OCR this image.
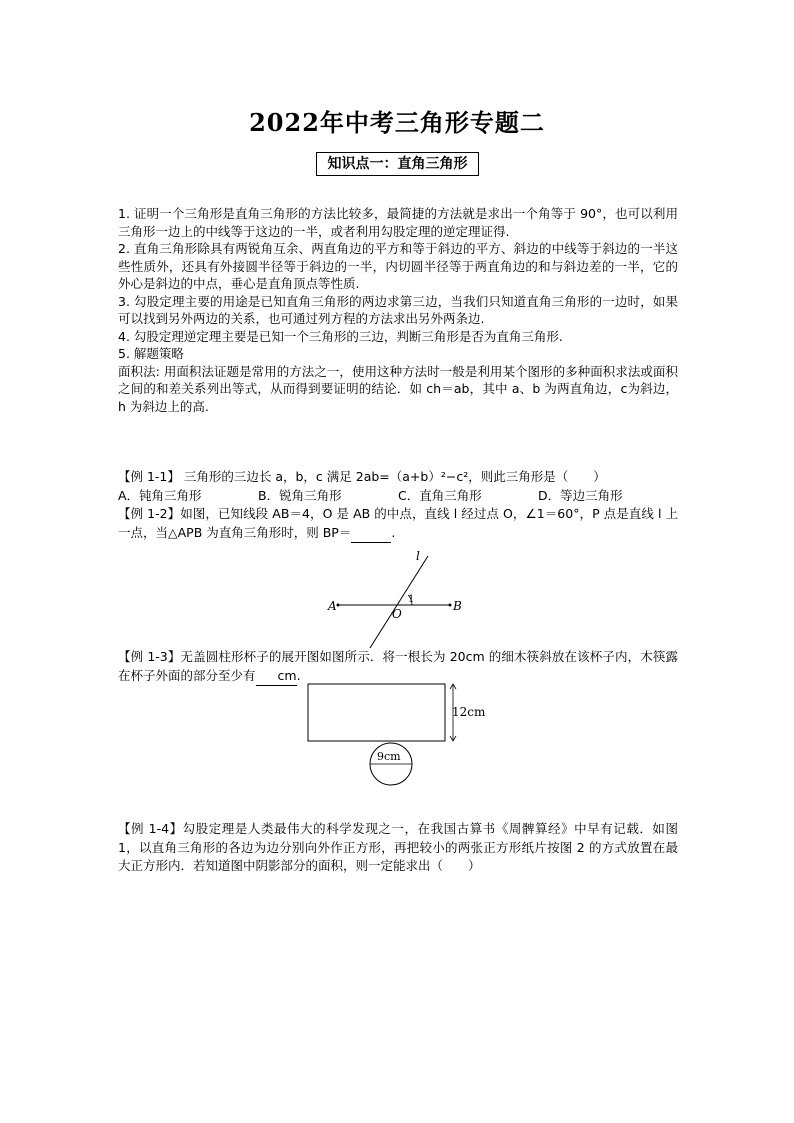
2022年中考三角形专题二
知识点一：直角三角形

1. 证明一个三角形是直角三角形的方法比较多，最简捷的方法就是求出一个角等于 90°，也可以利用三角形一边上的中线等于这边的一半，或者利用勾股定理的逆定理证得.

2. 直角三角形除具有两锐角互余、两直角边的平方和等于斜边的平方、斜边的中线等于斜边的一半这些性质外，还具有外接圆半径等于斜边的一半，内切圆半径等于两直角边的和与斜边差的一半，它的外心是斜边的中点，垂心是直角顶点等性质.

3. 勾股定理主要的用途是已知直角三角形的两边求第三边，当我们只知道直角三角形的一边时，如果可以找到另外两边的关系，也可通过列方程的方法求出另外两条边.

4. 勾股定理逆定理主要是已知一个三角形的三边，判断三角形是否为直角三角形.

5. 解题策略

面积法: 用面积法证题是常用的方法之一，使用这种方法时一般是利用某个图形的多种面积求法或面积之间的和差关系列出等式，从而得到要证明的结论．如 ch＝ab，其中 a、b 为两直角边，c为斜边，h 为斜边上的高.

【例 1-1】 三角形的三边长 a，b，c 满足 2ab=（a+b）²−c²，则此三角形是（　　）

A．钝角三角形	B．锐角三角形	C．直角三角形	D．等边三角形

【例 1-2】如图，已知线段 AB＝4，O 是 AB 的中点，直线 l 经过点 O，∠1＝60°，P 点是直线 l 上一点，当△APB 为直角三角形时，则 BP＝	.

A	B
O
l
1

【例 1-3】无盖圆柱形杯子的展开图如图所示．将一根长为 20cm 的细木筷斜放在该杯子内，木筷露在杯子外面的部分至少有 cm.

12cm
9cm

【例 1-4】勾股定理是人类最伟大的科学发现之一，在我国古算书《周髀算经》中早有记载．如图 1，以直角三角形的各边为边分别向外作正方形，再把较小的两张正方形纸片按图 2 的方式放置在最大正方形内．若知道图中阴影部分的面积，则一定能求出（　　）
